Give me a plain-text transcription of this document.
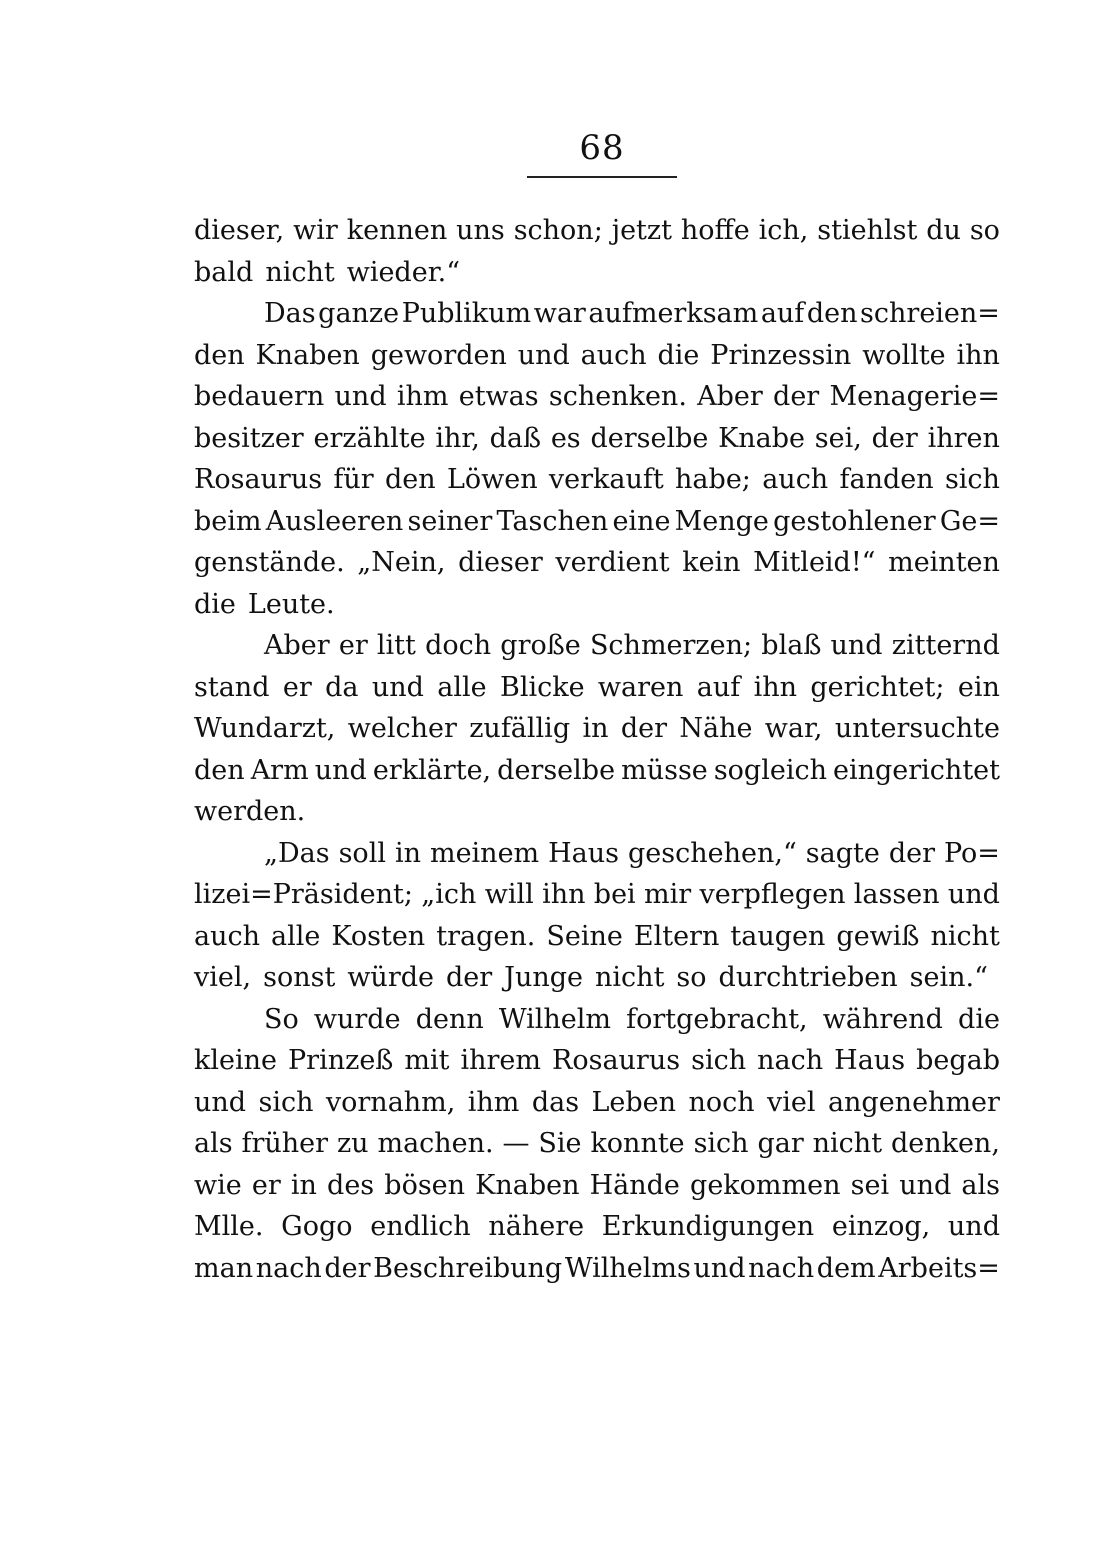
68
dieser, wir kennen uns schon; jetzt hoffe ich, stiehlst du so
bald nicht wieder.“
Das ganze Publikum war aufmerksam auf den schreien=
den Knaben geworden und auch die Prinzessin wollte ihn
bedauern und ihm etwas schenken. Aber der Menagerie=
besitzer erzählte ihr, daß es derselbe Knabe sei, der ihren
Rosaurus für den Löwen verkauft habe; auch fanden sich
beim Ausleeren seiner Taschen eine Menge gestohlener Ge=
genstände. „Nein, dieser verdient kein Mitleid!“ meinten
die Leute.
Aber er litt doch große Schmerzen; blaß und zitternd
stand er da und alle Blicke waren auf ihn gerichtet; ein
Wundarzt, welcher zufällig in der Nähe war, untersuchte
den Arm und erklärte, derselbe müsse sogleich eingerichtet
werden.
„Das soll in meinem Haus geschehen,“ sagte der Po=
lizei=Präsident; „ich will ihn bei mir verpflegen lassen und
auch alle Kosten tragen. Seine Eltern taugen gewiß nicht
viel, sonst würde der Junge nicht so durchtrieben sein.“
So wurde denn Wilhelm fortgebracht, während die
kleine Prinzeß mit ihrem Rosaurus sich nach Haus begab
und sich vornahm, ihm das Leben noch viel angenehmer
als früher zu machen. — Sie konnte sich gar nicht denken,
wie er in des bösen Knaben Hände gekommen sei und als
Mlle. Gogo endlich nähere Erkundigungen einzog, und
man nach der Beschreibung Wilhelms und nach dem Arbeits=
